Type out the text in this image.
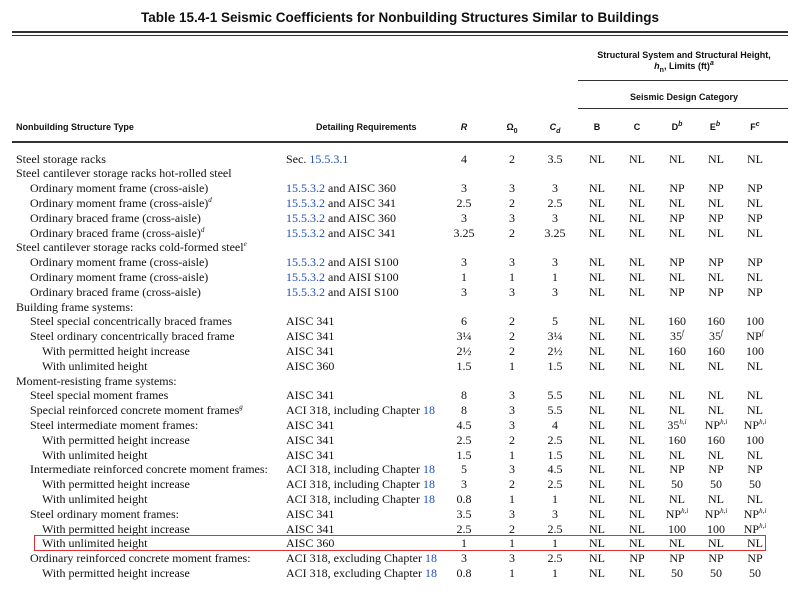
Table 15.4-1 Seismic Coefficients for Nonbuilding Structures Similar to Buildings
Structural System and Structural Height,
$h_n$, Limits (ft)$^a$
Seismic Design Category
Nonbuilding Structure Type	Detailing Requirements	R	$\Omega_0$	$C_d$	B	C	$D^b$	$E^b$	$F^c$
Steel storage racks	Sec. 15.5.3.1	4	2	3.5	NL	NL	NL	NL	NL
Steel cantilever storage racks hot-rolled steel
Ordinary moment frame (cross-aisle)	15.5.3.2 and AISC 360	3	3	3	NL	NL	NP	NP	NP
Ordinary moment frame (cross-aisle)$^d$	15.5.3.2 and AISC 341	2.5	2	2.5	NL	NL	NL	NL	NL
Ordinary braced frame (cross-aisle)	15.5.3.2 and AISC 360	3	3	3	NL	NL	NP	NP	NP
Ordinary braced frame (cross-aisle)$^d$	15.5.3.2 and AISC 341	3.25	2	3.25	NL	NL	NL	NL	NL
Steel cantilever storage racks cold-formed steel$^e$
Ordinary moment frame (cross-aisle)	15.5.3.2 and AISI S100	3	3	3	NL	NL	NP	NP	NP
Ordinary moment frame (cross-aisle)	15.5.3.2 and AISI S100	1	1	1	NL	NL	NL	NL	NL
Ordinary braced frame (cross-aisle)	15.5.3.2 and AISI S100	3	3	3	NL	NL	NP	NP	NP
Building frame systems:
Steel special concentrically braced frames	AISC 341	6	2	5	NL	NL	160	160	100
Steel ordinary concentrically braced frame	AISC 341	3¼	2	3¼	NL	NL	35$^f$	35$^f$	$NP^f$
With permitted height increase	AISC 341	2½	2	2½	NL	NL	160	160	100
With unlimited height	AISC 360	1.5	1	1.5	NL	NL	NL	NL	NL
Moment-resisting frame systems:
Steel special moment frames	AISC 341	8	3	5.5	NL	NL	NL	NL	NL
Special reinforced concrete moment frames$^g$	ACI 318, including Chapter 18	8	3	5.5	NL	NL	NL	NL	NL
Steel intermediate moment frames:	AISC 341	4.5	3	4	NL	NL	35$^{h,i}$	NP$^{h,i}$	NP$^{h,i}$
With permitted height increase	AISC 341	2.5	2	2.5	NL	NL	160	160	100
With unlimited height	AISC 341	1.5	1	1.5	NL	NL	NL	NL	NL
Intermediate reinforced concrete moment frames: ACI 318, including Chapter 18	5	3	4.5	NL	NL	NP	NP	NP
With permitted height increase	ACI 318, including Chapter 18	3	2	2.5	NL	NL	50	50	50
With unlimited height	ACI 318, including Chapter 18	0.8	1	1	NL	NL	NL	NL	NL
Steel ordinary moment frames:	AISC 341	3.5	3	3	NL	NL	NP$^{h,i}$	NP$^{h,i}$	NP$^{h,i}$
With permitted height increase	AISC 341	2.5	2	2.5	NL	NL	100	100	NP$^{h,i}$
With unlimited height	AISC 360	1	1	1	NL	NL	NL	NL	NL
Ordinary reinforced concrete moment frames:	ACI 318, excluding Chapter 18	3	3	2.5	NL	NP	NP	NP	NP
With permitted height increase	ACI 318, excluding Chapter 18	0.8	1	1	NL	NL	50	50	50
